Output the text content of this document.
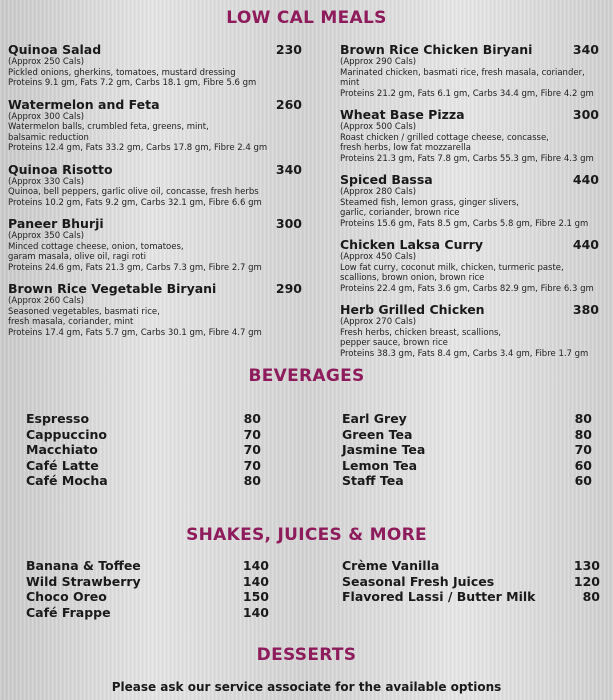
LOW CAL MEALS
Quinoa Salad	230
(Approx 250 Cals)
Pickled onions, gherkins, tomatoes, mustard dressing
Proteins 9.1 gm, Fats 7.2 gm, Carbs 18.1 gm, Fibre 5.6 gm
Watermelon and Feta	260
(Approx 300 Cals)
Watermelon balls, crumbled feta, greens, mint,
balsamic reduction
Proteins 12.4 gm, Fats 33.2 gm, Carbs 17.8 gm, Fibre 2.4 gm
Quinoa Risotto	340
(Approx 330 Cals)
Quinoa, bell peppers, garlic olive oil, concasse, fresh herbs
Proteins 10.2 gm, Fats 9.2 gm, Carbs 32.1 gm, Fibre 6.6 gm
Paneer Bhurji	300
(Approx 350 Cals)
Minced cottage cheese, onion, tomatoes,
garam masala, olive oil, ragi roti
Proteins 24.6 gm, Fats 21.3 gm, Carbs 7.3 gm, Fibre 2.7 gm
Brown Rice Vegetable Biryani	290
(Approx 260 Cals)
Seasoned vegetables, basmati rice,
fresh masala, coriander, mint
Proteins 17.4 gm, Fats 5.7 gm, Carbs 30.1 gm, Fibre 4.7 gm
Brown Rice Chicken Biryani	340
(Approx 290 Cals)
Marinated chicken, basmati rice, fresh masala, coriander, mint
Proteins 21.2 gm, Fats 6.1 gm, Carbs 34.4 gm, Fibre 4.2 gm
Wheat Base Pizza	300
(Approx 500 Cals)
Roast chicken / grilled cottage cheese, concasse,
fresh herbs, low fat mozzarella
Proteins 21.3 gm, Fats 7.8 gm, Carbs 55.3 gm, Fibre 4.3 gm
Spiced Bassa	440
(Approx 280 Cals)
Steamed fish, lemon grass, ginger slivers,
garlic, coriander, brown rice
Proteins 15.6 gm, Fats 8.5 gm, Carbs 5.8 gm, Fibre 2.1 gm
Chicken Laksa Curry	440
(Approx 450 Cals)
Low fat curry, coconut milk, chicken, turmeric paste,
scallions, brown onion, brown rice
Proteins 22.4 gm, Fats 3.6 gm, Carbs 82.9 gm, Fibre 6.3 gm
Herb Grilled Chicken	380
(Approx 270 Cals)
Fresh herbs, chicken breast, scallions,
pepper sauce, brown rice
Proteins 38.3 gm, Fats 8.4 gm, Carbs 3.4 gm, Fibre 1.7 gm
BEVERAGES
Espresso	80
Cappuccino	70
Macchiato	70
Café Latte	70
Café Mocha	80
Earl Grey	80
Green Tea	80
Jasmine Tea	70
Lemon Tea	60
Staff Tea	60
SHAKES, JUICES & MORE
Banana & Toffee	140
Wild Strawberry	140
Choco Oreo	150
Café Frappe	140
Crème Vanilla	130
Seasonal Fresh Juices	120
Flavored Lassi / Butter Milk	80
DESSERTS
Please ask our service associate for the available options
